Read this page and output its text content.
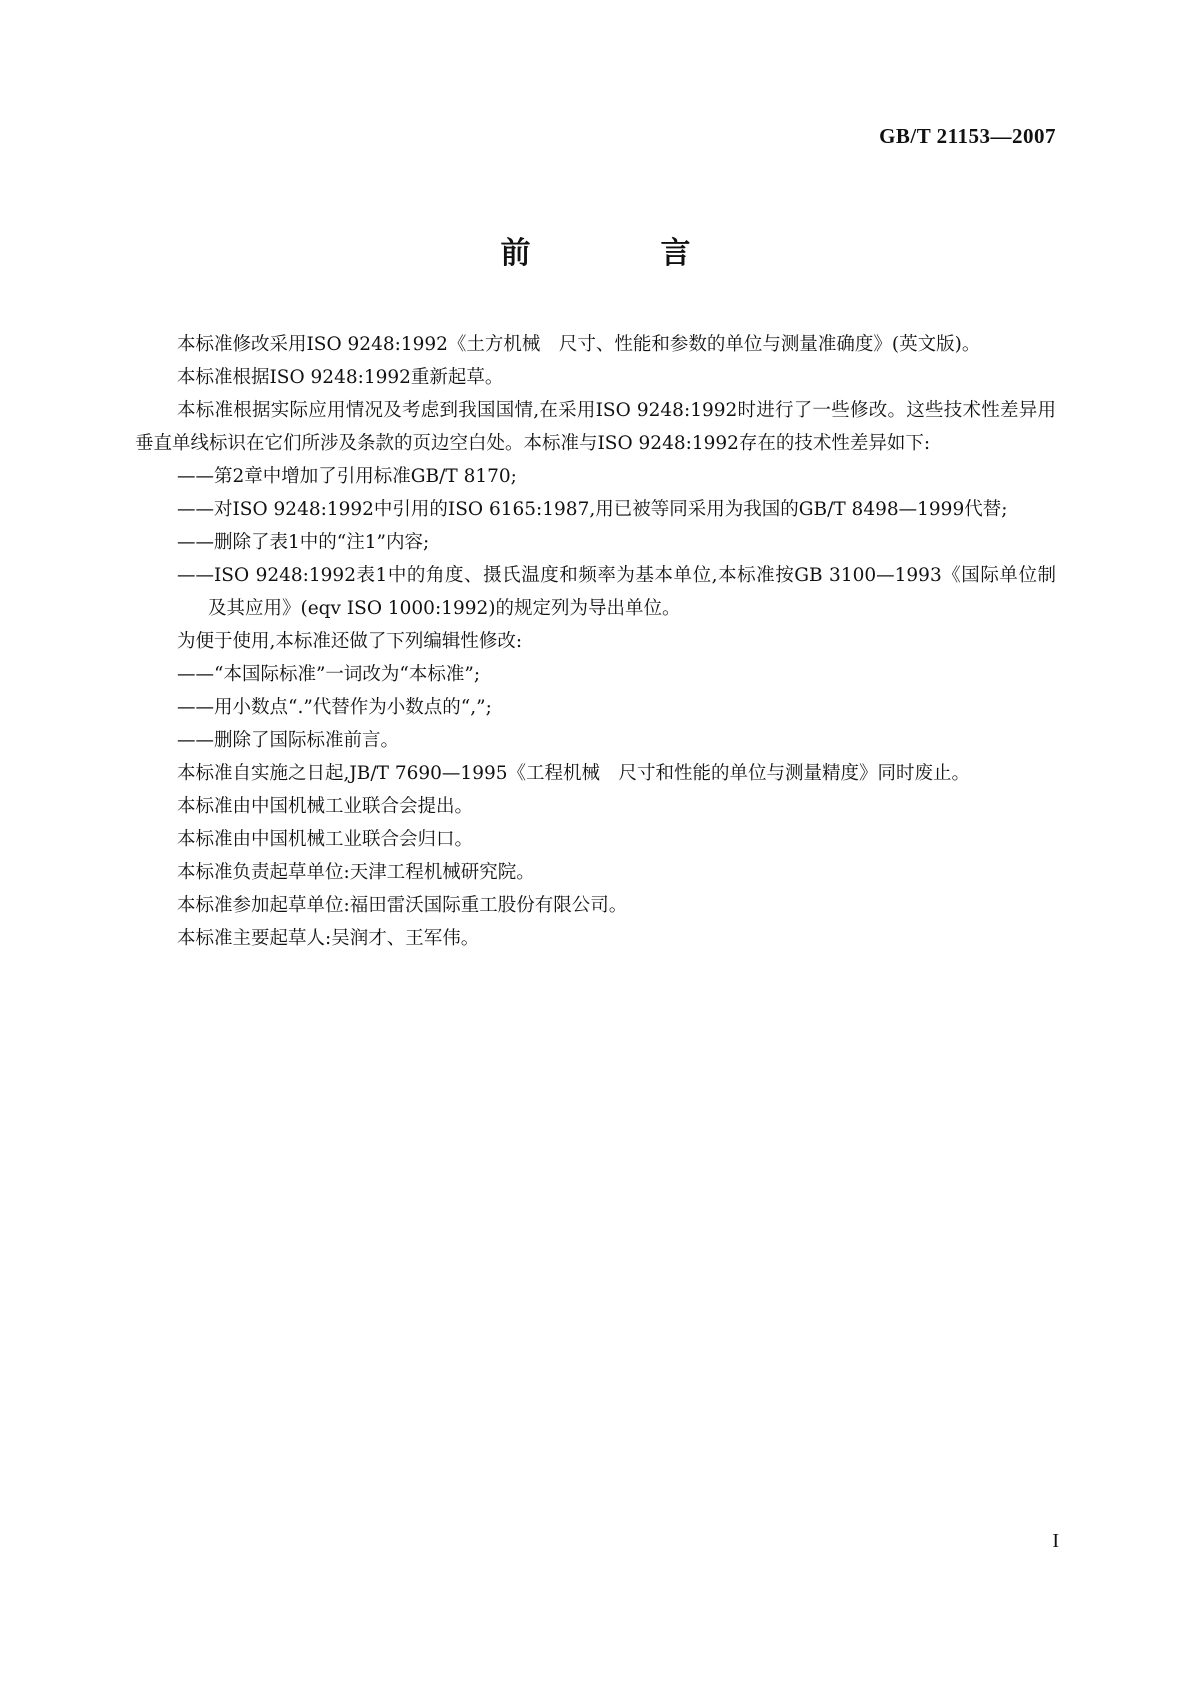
GB/T 21153—2007
前　言

本标准修改采用ISO 9248:1992《土方机械　尺寸、性能和参数的单位与测量准确度》(英文版)。

本标准根据ISO 9248:1992重新起草。

本标准根据实际应用情况及考虑到我国国情,在采用ISO 9248:1992时进行了一些修改。这些技术性差异用垂直单线标识在它们所涉及条款的页边空白处。本标准与ISO 9248:1992存在的技术性差异如下:

——第2章中增加了引用标准GB/T 8170;

——对ISO 9248:1992中引用的ISO 6165:1987,用已被等同采用为我国的GB/T 8498—1999代替;

——删除了表1中的“注1”内容;

——ISO 9248:1992表1中的角度、摄氏温度和频率为基本单位,本标准按GB 3100—1993《国际单位制及其应用》(eqv ISO 1000:1992)的规定列为导出单位。

为便于使用,本标准还做了下列编辑性修改:

——“本国际标准”一词改为“本标准”;

——用小数点“.”代替作为小数点的“,”;

——删除了国际标准前言。

本标准自实施之日起,JB/T 7690—1995《工程机械　尺寸和性能的单位与测量精度》同时废止。

本标准由中国机械工业联合会提出。

本标准由中国机械工业联合会归口。

本标准负责起草单位:天津工程机械研究院。

本标准参加起草单位:福田雷沃国际重工股份有限公司。

本标准主要起草人:吴润才、王军伟。

I
